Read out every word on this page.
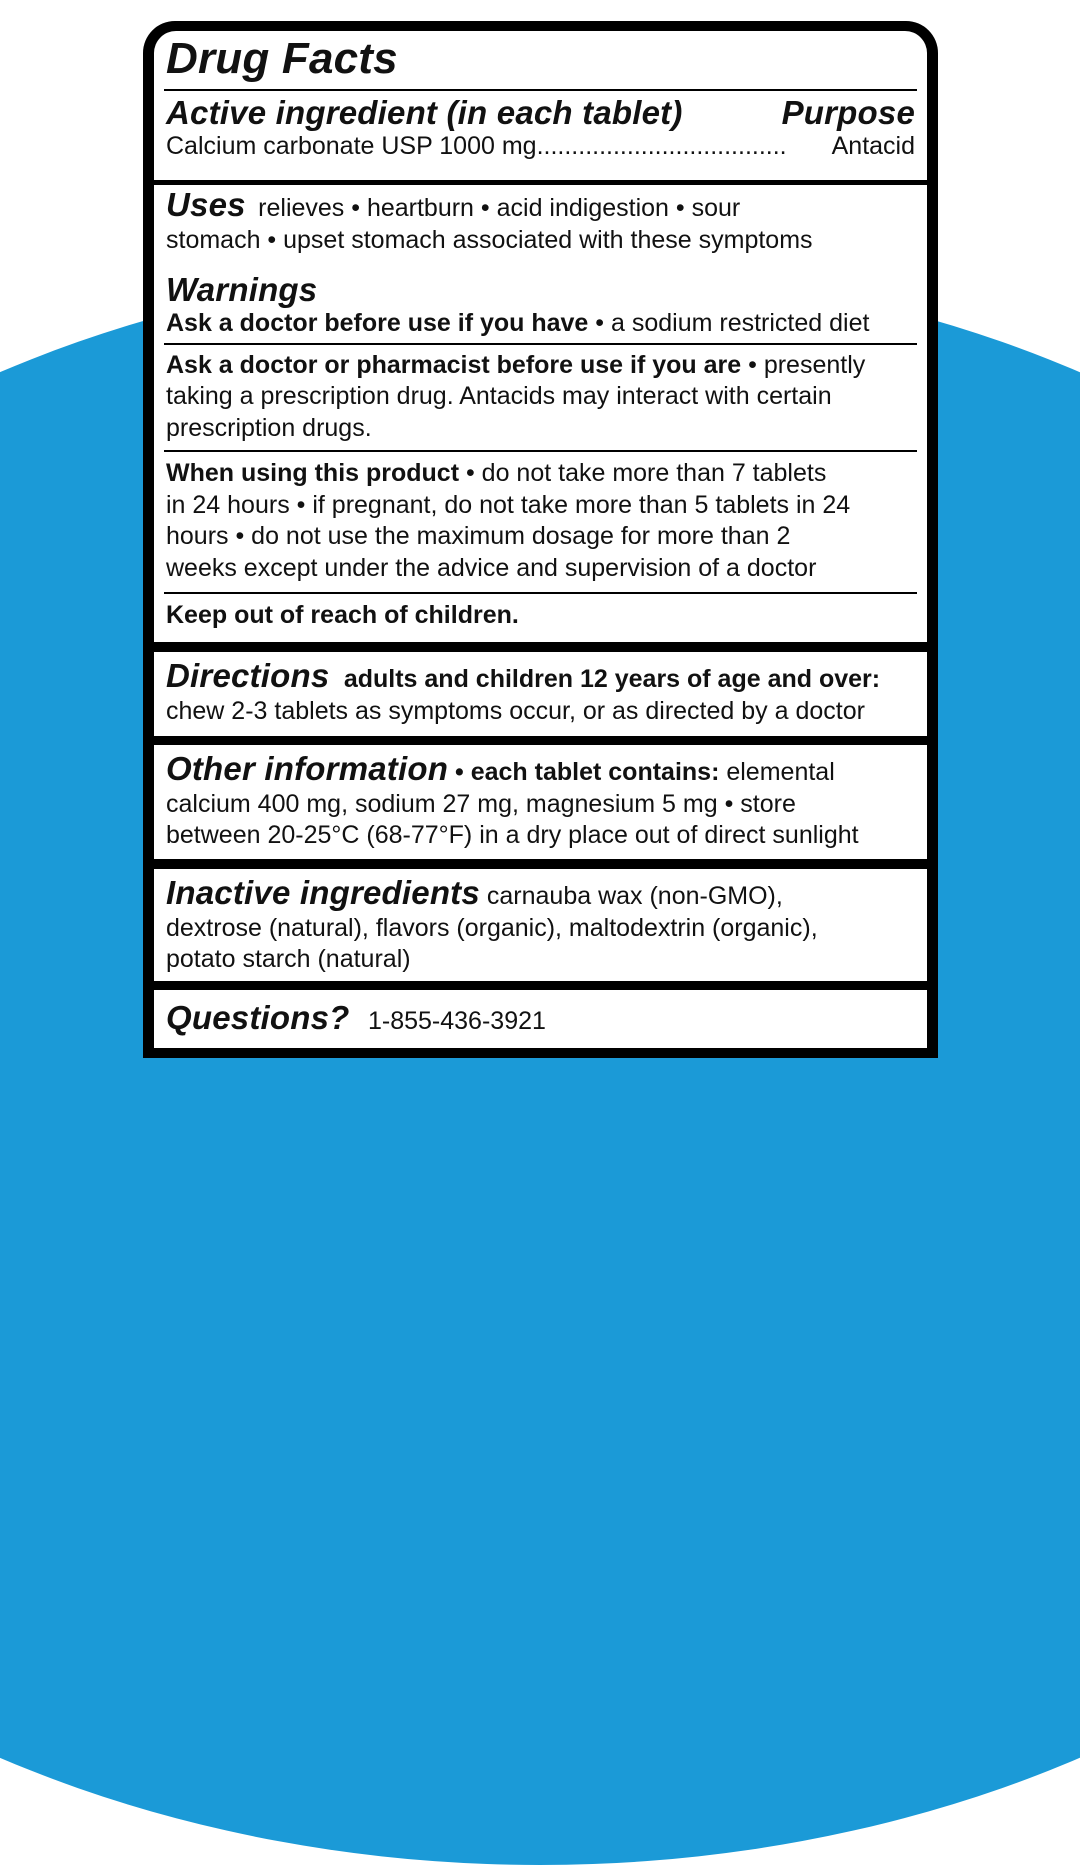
Drug Facts
Active ingredient (in each tablet)	Purpose
Calcium carbonate USP 1000 mg ....................................	Antacid
Uses relieves • heartburn • acid indigestion • sour
stomach • upset stomach associated with these symptoms
Warnings
Ask a doctor before use if you have • a sodium restricted diet
Ask a doctor or pharmacist before use if you are • presently
taking a prescription drug. Antacids may interact with certain
prescription drugs.
When using this product • do not take more than 7 tablets
in 24 hours • if pregnant, do not take more than 5 tablets in 24
hours • do not use the maximum dosage for more than 2
weeks except under the advice and supervision of a doctor
Keep out of reach of children.
Directions adults and children 12 years of age and over:
chew 2-3 tablets as symptoms occur, or as directed by a doctor
Other information • each tablet contains: elemental
calcium 400 mg, sodium 27 mg, magnesium 5 mg • store
between 20-25°C (68-77°F) in a dry place out of direct sunlight
Inactive ingredients carnauba wax (non-GMO),
dextrose (natural), flavors (organic), maltodextrin (organic),
potato starch (natural)
Questions? 1-855-436-3921
